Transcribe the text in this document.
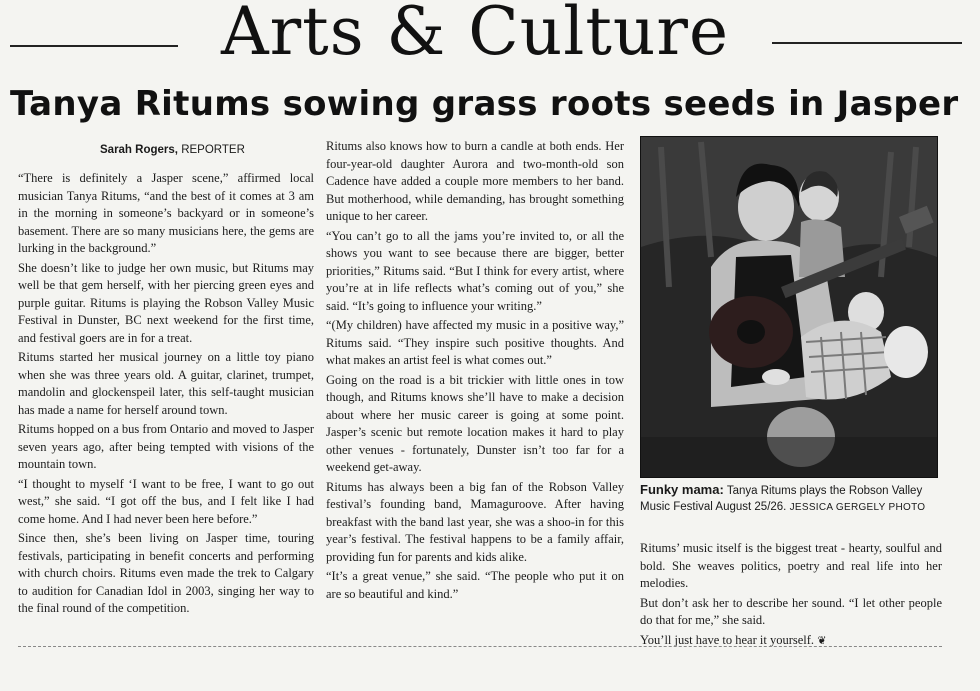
Arts & Culture
Tanya Ritums sowing grass roots seeds in Jasper
Sarah Rogers, REPORTER

“There is definitely a Jasper scene,” affirmed local musician Tanya Ritums, “and the best of it comes at 3 am in the morning in someone’s backyard or in someone’s basement. There are so many musicians here, the gems are lurking in the background.”

She doesn’t like to judge her own music, but Ritums may well be that gem herself, with her piercing green eyes and purple guitar. Ritums is playing the Robson Valley Music Festival in Dunster, BC next weekend for the first time, and festival goers are in for a treat.

Ritums started her musical journey on a little toy piano when she was three years old. A guitar, clarinet, trumpet, mandolin and glockenspeil later, this self-taught musician has made a name for herself around town.

Ritums hopped on a bus from Ontario and moved to Jasper seven years ago, after being tempted with visions of the mountain town.

“I thought to myself ‘I want to be free, I want to go out west,” she said. “I got off the bus, and I felt like I had come home. And I had never been here before.”

Since then, she’s been living on Jasper time, touring festivals, participating in benefit concerts and performing with church choirs. Ritums even made the trek to Calgary to audition for Canadian Idol in 2003, singing her way to the final round of the competition.

Ritums also knows how to burn a candle at both ends. Her four-year-old daughter Aurora and two-month-old son Cadence have added a couple more members to her band. But motherhood, while demanding, has brought something unique to her career.

“You can’t go to all the jams you’re invited to, or all the shows you want to see because there are bigger, better priorities,” Ritums said. “But I think for every artist, where you’re at in life reflects what’s coming out of you,” she said. “It’s going to influence your writing.”

“(My children) have affected my music in a positive way,” Ritums said. “They inspire such positive thoughts. And what makes an artist feel is what comes out.”

Going on the road is a bit trickier with little ones in tow though, and Ritums knows she’ll have to make a decision about where her music career is going at some point. Jasper’s scenic but remote location makes it hard to play other venues - fortunately, Dunster isn’t too far for a weekend get-away.

Ritums has always been a big fan of the Robson Valley festival’s founding band, Mamaguroove. After having breakfast with the band last year, she was a shoo-in for this year’s festival. The festival happens to be a family affair, providing fun for parents and kids alike.

“It’s a great venue,” she said. “The people who put it on are so beautiful and kind.”

Funky mama: Tanya Ritums plays the Robson Valley Music Festival August 25/26. JESSICA GERGELY PHOTO

Ritums’ music itself is the biggest treat - hearty, soulful and bold. She weaves politics, poetry and real life into her melodies.

But don’t ask her to describe her sound. “I let other people do that for me,” she said.

You’ll just have to hear it yourself. ❦
